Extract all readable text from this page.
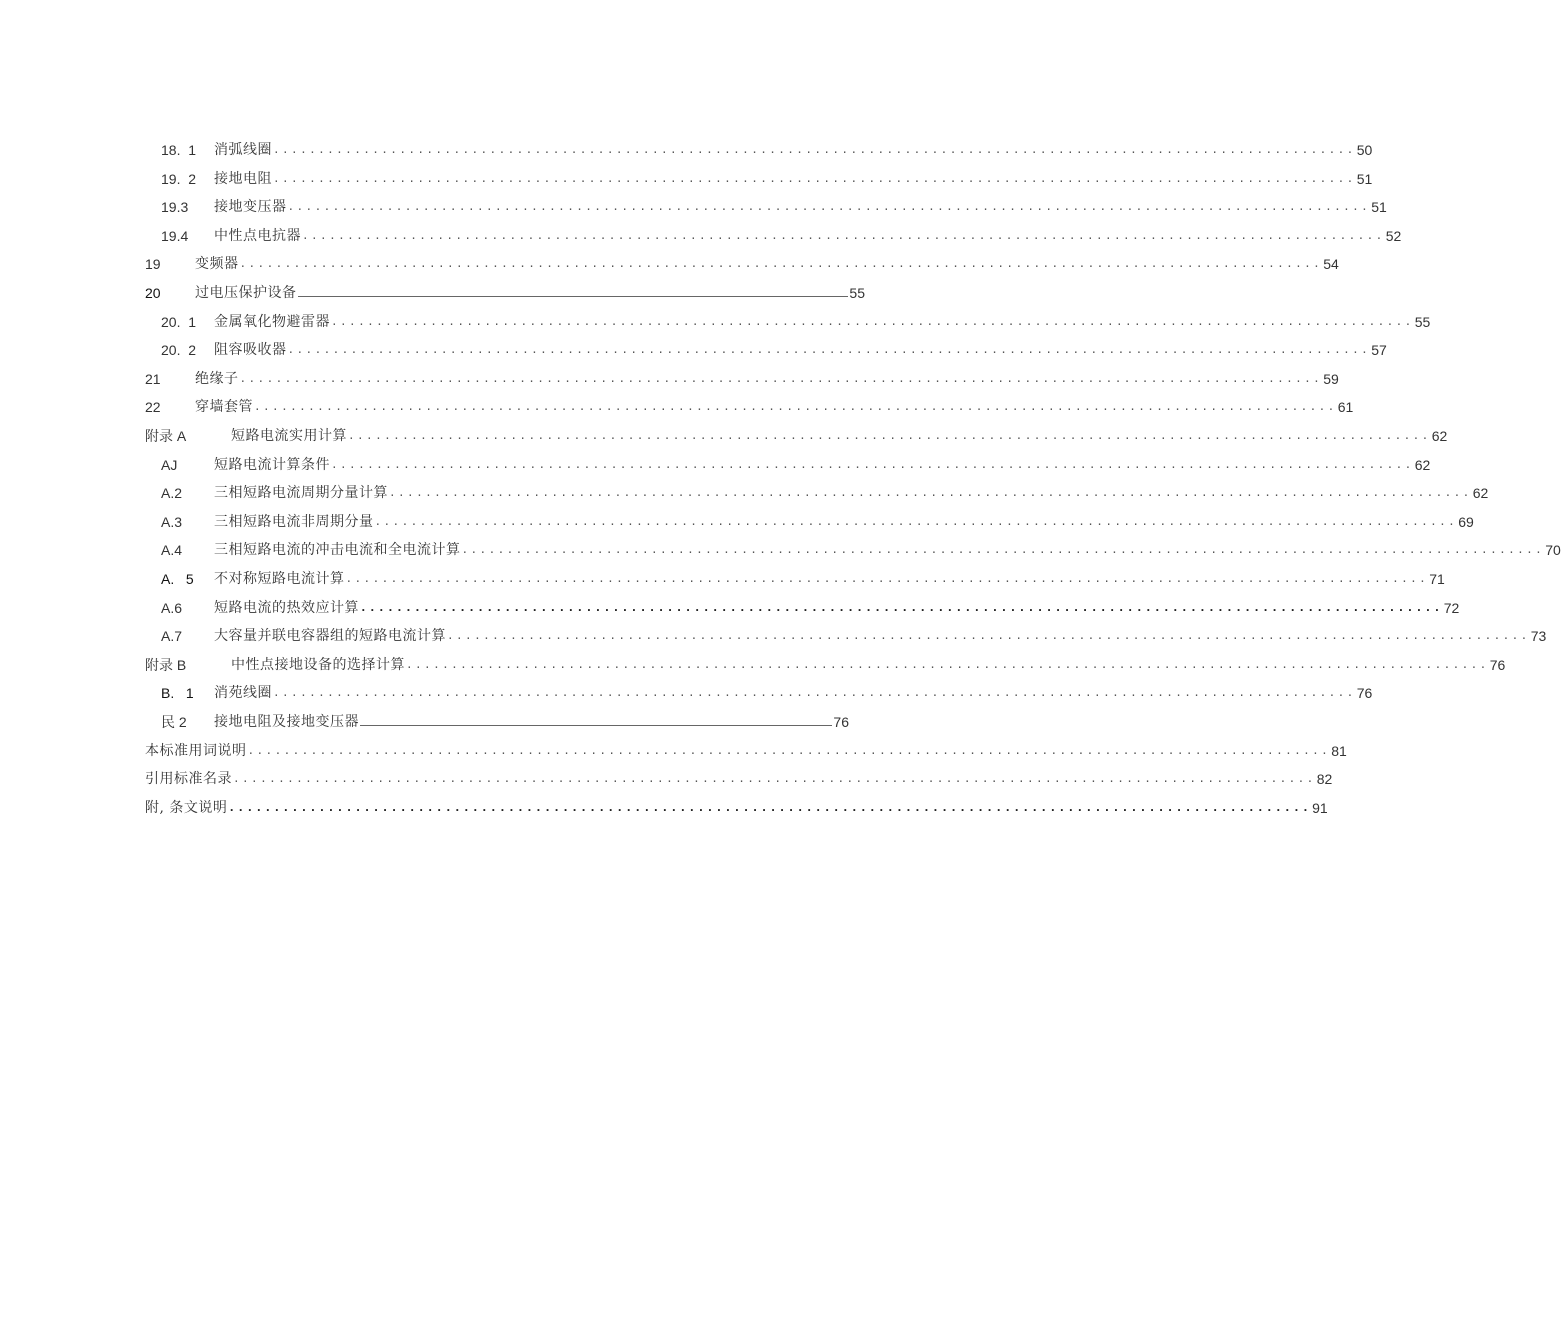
18.  1	消弧线圈 ........................................................................................................................ 50
19.  2	接地电阻 ........................................................................................................................ 51
19.3	接地变压器 ........................................................................................................................ 51
19.4	中性点电抗器 ........................................................................................................................ 52
19	变频器 ........................................................................................................................ 54
20	过电压保护设备	55
20.  1	金属氧化物避雷器 ........................................................................................................................ 55
20.  2	阻容吸收器 ........................................................................................................................ 57
21	绝缘子 ........................................................................................................................ 59
22	穿墙套管 ........................................................................................................................ 61
附录 A	短路电流实用计算 ........................................................................................................................ 62
AJ	短路电流计算条件 ........................................................................................................................ 62
A.2	三相短路电流周期分量计算 ........................................................................................................................ 62
A.3	三相短路电流非周期分量 ........................................................................................................................ 69
A.4	三相短路电流的冲击电流和全电流计算 ........................................................................................................................ 70
A.   5	不对称短路电流计算 ........................................................................................................................ 71
A.6	短路电流的热效应计算 ........................................................................................................................ 72
A.7	大容量并联电容器组的短路电流计算 ........................................................................................................................ 73
附录 B	中性点接地设备的选择计算 ........................................................................................................................ 76
B.   1	消苑线圈 ........................................................................................................................ 76
民 2	接地电阻及接地变压器	76
本标准用词说明 ........................................................................................................................ 81
引用标准名录 ........................................................................................................................ 82
附, 条文说明 ........................................................................................................................ 91
